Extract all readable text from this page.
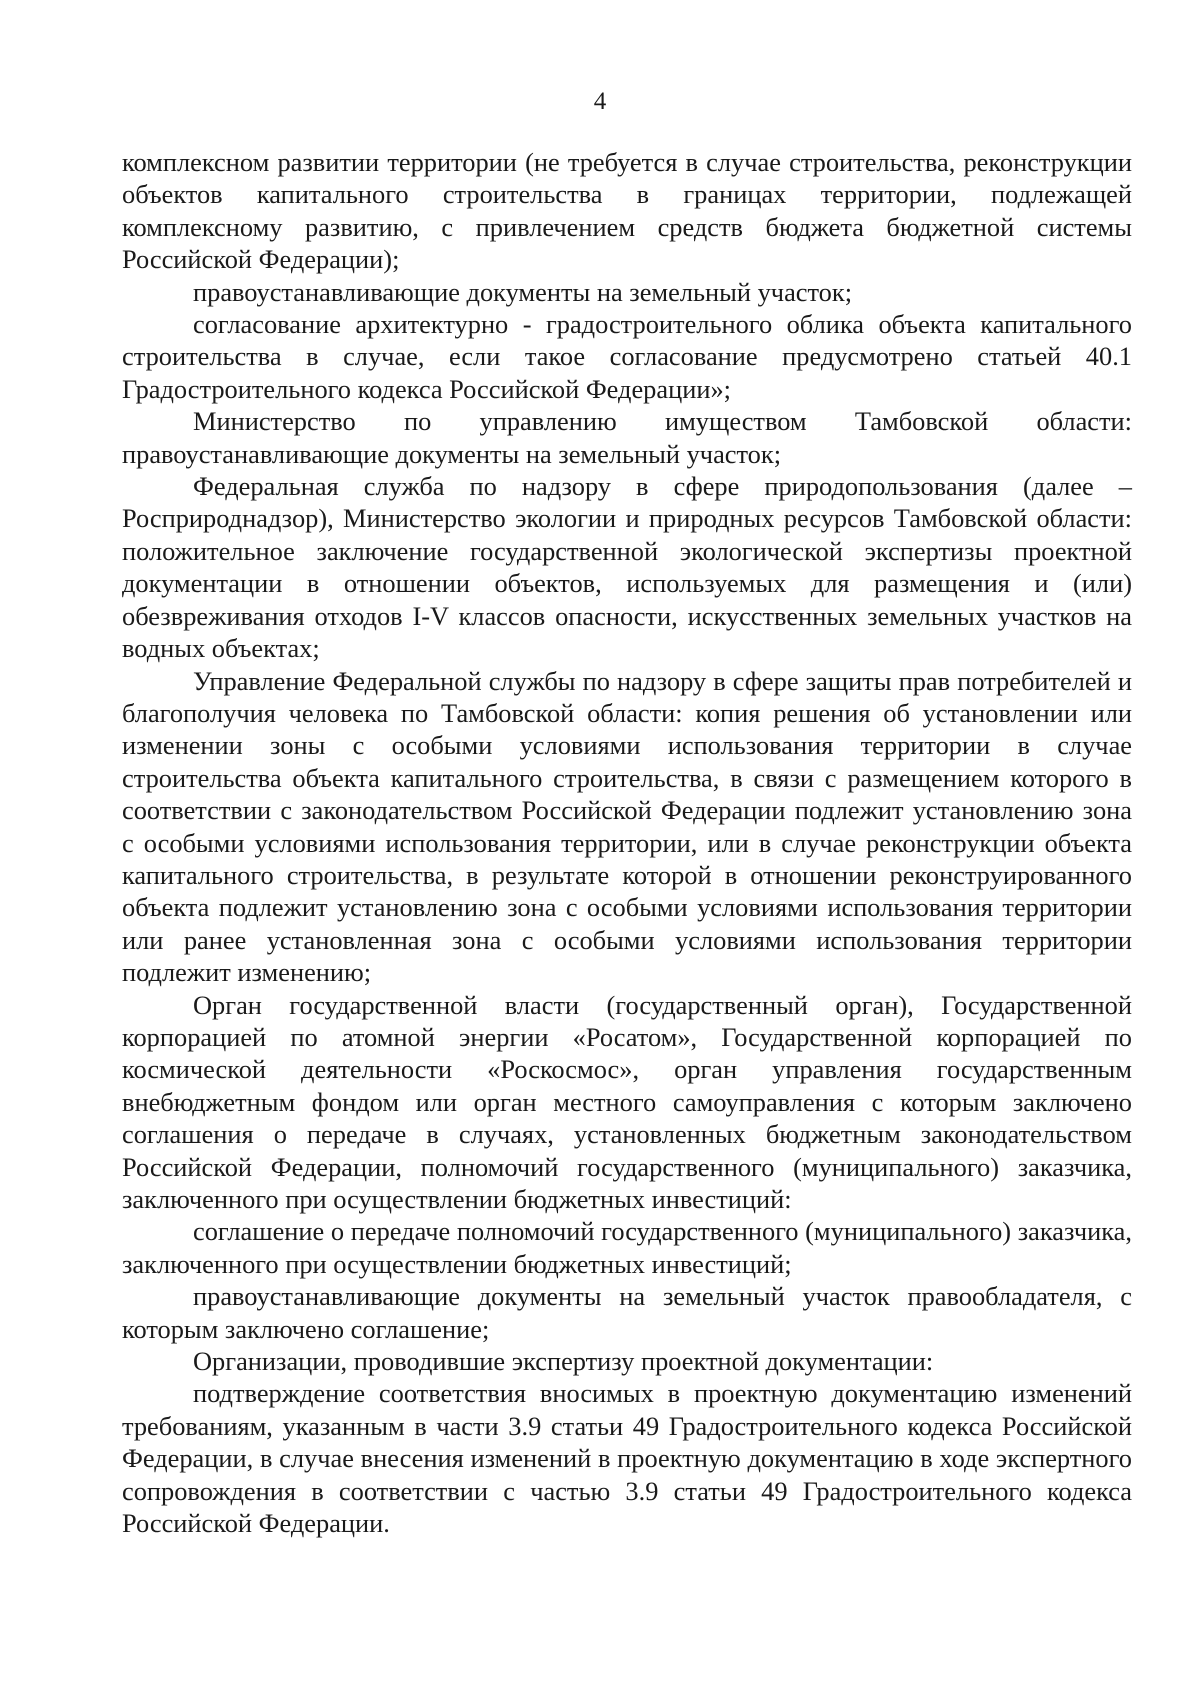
4

комплексном развитии территории (не требуется в случае строительства, реконструкции объектов капитального строительства в границах территории, подлежащей комплексному развитию, с привлечением средств бюджета бюджетной системы Российской Федерации);

правоустанавливающие документы на земельный участок;

согласование архитектурно - градостроительного облика объекта капитального строительства в случае, если такое согласование предусмотрено статьей 40.1 Градостроительного кодекса Российской Федерации»;

Министерство по управлению имуществом Тамбовской области: правоустанавливающие документы на земельный участок;

Федеральная служба по надзору в сфере природопользования (далее – Росприроднадзор), Министерство экологии и природных ресурсов Тамбовской области: положительное заключение государственной экологической экспертизы проектной документации в отношении объектов, используемых для размещения и (или) обезвреживания отходов I-V классов опасности, искусственных земельных участков на водных объектах;

Управление Федеральной службы по надзору в сфере защиты прав потребителей и благополучия человека по Тамбовской области: копия решения об установлении или изменении зоны с особыми условиями использования территории в случае строительства объекта капитального строительства, в связи с размещением которого в соответствии с законодательством Российской Федерации подлежит установлению зона с особыми условиями использования территории, или в случае реконструкции объекта капитального строительства, в результате которой в отношении реконструированного объекта подлежит установлению зона с особыми условиями использования территории или ранее установленная зона с особыми условиями использования территории подлежит изменению;

Орган государственной власти (государственный орган), Государственной корпорацией по атомной энергии «Росатом», Государственной корпорацией по космической деятельности «Роскосмос», орган управления государственным внебюджетным фондом или орган местного самоуправления с которым заключено соглашения о передаче в случаях, установленных бюджетным законодательством Российской Федерации, полномочий государственного (муниципального) заказчика, заключенного при осуществлении бюджетных инвестиций:

соглашение о передаче полномочий государственного (муниципального) заказчика, заключенного при осуществлении бюджетных инвестиций;

правоустанавливающие документы на земельный участок правообладателя, с которым заключено соглашение;

Организации, проводившие экспертизу проектной документации:

подтверждение соответствия вносимых в проектную документацию изменений требованиям, указанным в части 3.9 статьи 49 Градостроительного кодекса Российской Федерации, в случае внесения изменений в проектную документацию в ходе экспертного сопровождения в соответствии с частью 3.9 статьи 49 Градостроительного кодекса Российской Федерации.
